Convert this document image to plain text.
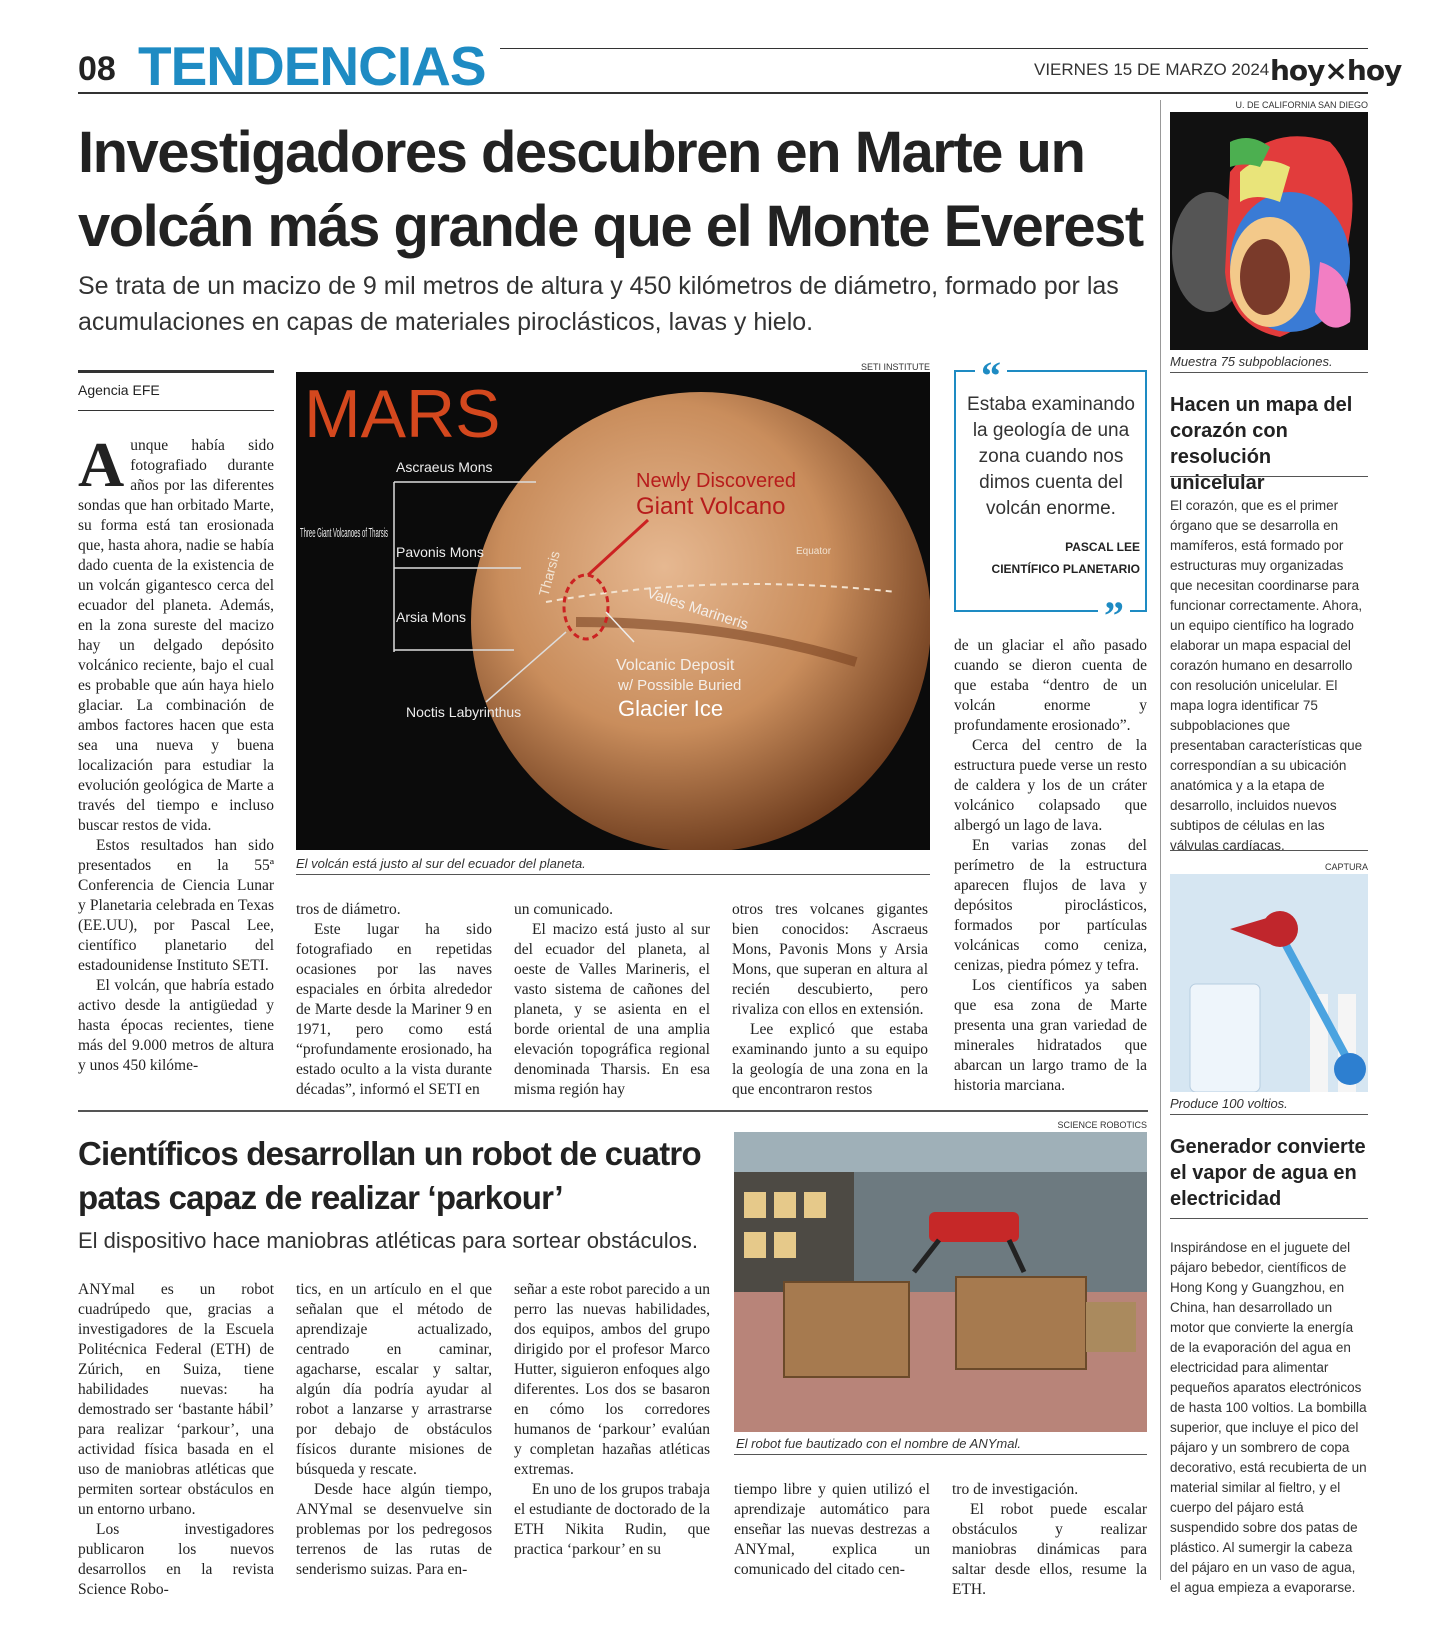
08 TENDENCIAS	VIERNES 15 DE MARZO 2024 hoy×hoy
Investigadores descubren en Marte un volcán más grande que el Monte Everest

Se trata de un macizo de 9 mil metros de altura y 450 kilómetros de diámetro, formado por las acumulaciones en capas de materiales piroclásticos, lavas y hielo.

Agencia EFE
Aunque había sido fotografiado durante años por las diferentes sondas que han orbitado Marte, su forma está tan erosionada que, hasta ahora, nadie se había dado cuenta de la existencia de un volcán gigantesco cerca del ecuador del planeta. Además, en la zona sureste del macizo hay un delgado depósito volcánico reciente, bajo el cual es probable que aún haya hielo glaciar. La combinación de ambos factores hacen que esta sea una nueva y buena localización para estudiar la evolución geológica de Marte a través del tiempo e incluso buscar restos de vida.

Estos resultados han sido presentados en la 55ª Conferencia de Ciencia Lunar y Planetaria celebrada en Texas (EE.UU), por Pascal Lee, científico planetario del estadounidense Instituto SETI.

El volcán, que habría estado activo desde la antigüedad y hasta épocas recientes, tiene más del 9.000 metros de altura y unos 450 kilóme-

SETI INSTITUTE
MARS
Ascraeus Mons
Pavonis Mons
Arsia Mons
Three Giant Volcanoes of Tharsis
Noctis Labyrinthus
Newly Discovered
Giant Volcano
Volcanic Deposit
w/ Possible Buried
Glacier Ice
Tharsis	Equator
Valles Marineris
El volcán está justo al sur del ecuador del planeta.

tros de diámetro.

Este lugar ha sido fotografiado en repetidas ocasiones por las naves espaciales en órbita alrededor de Marte desde la Mariner 9 en 1971, pero como está “profundamente erosionado, ha estado oculto a la vista durante décadas”, informó el SETI en

un comunicado.

El macizo está justo al sur del ecuador del planeta, al oeste de Valles Marineris, el vasto sistema de cañones del planeta, y se asienta en el borde oriental de una amplia elevación topográfica regional denominada Tharsis. En esa misma región hay

otros tres volcanes gigantes bien conocidos: Ascraeus Mons, Pavonis Mons y Arsia Mons, que superan en altura al recién descubierto, pero rivaliza con ellos en extensión.

Lee explicó que estaba examinando junto a su equipo la geología de una zona en la que encontraron restos

“
”
Estaba examinando la geología de una zona cuando nos dimos cuenta del volcán enorme.
PASCAL LEE
CIENTÍFICO PLANETARIO

de un glaciar el año pasado cuando se dieron cuenta de que estaba “dentro de un volcán enorme y profundamente erosionado”.

Cerca del centro de la estructura puede verse un resto de caldera y los de un cráter volcánico colapsado que albergó un lago de lava.

En varias zonas del perímetro de la estructura aparecen flujos de lava y depósitos piroclásticos, formados por partículas volcánicas como ceniza, cenizas, piedra pómez y tefra.

Los científicos ya saben que esa zona de Marte presenta una gran variedad de minerales hidratados que abarcan un largo tramo de la historia marciana.

Científicos desarrollan un robot de cuatro patas capaz de realizar ‘parkour’

El dispositivo hace maniobras atléticas para sortear obstáculos.

SCIENCE ROBOTICS
El robot fue bautizado con el nombre de ANYmal.

ANYmal es un robot cuadrúpedo que, gracias a investigadores de la Escuela Politécnica Federal (ETH) de Zúrich, en Suiza, tiene habilidades nuevas: ha demostrado ser ‘bastante hábil’ para realizar ‘parkour’, una actividad física basada en el uso de maniobras atléticas que permiten sortear obstáculos en un entorno urbano.

Los investigadores publicaron los nuevos desarrollos en la revista Science Robo-

tics, en un artículo en el que señalan que el método de aprendizaje actualizado, centrado en caminar, agacharse, escalar y saltar, algún día podría ayudar al robot a lanzarse y arrastrarse por debajo de obstáculos físicos durante misiones de búsqueda y rescate.

Desde hace algún tiempo, ANYmal se desenvuelve sin problemas por los pedregosos terrenos de las rutas de senderismo suizas. Para en-

señar a este robot parecido a un perro las nuevas habilidades, dos equipos, ambos del grupo dirigido por el profesor Marco Hutter, siguieron enfoques algo diferentes. Los dos se basaron en cómo los corredores humanos de ‘parkour’ evalúan y completan hazañas atléticas extremas.

En uno de los grupos trabaja el estudiante de doctorado de la ETH Nikita Rudin, que practica ‘parkour’ en su

tiempo libre y quien utilizó el aprendizaje automático para enseñar las nuevas destrezas a ANYmal, explica un comunicado del citado cen-

tro de investigación.

El robot puede escalar obstáculos y realizar maniobras dinámicas para saltar desde ellos, resume la ETH.

U. DE CALIFORNIA SAN DIEGO
Muestra 75 subpoblaciones.
Hacen un mapa del corazón con resolución unicelular
El corazón, que es el primer órgano que se desarrolla en mamíferos, está formado por estructuras muy organizadas que necesitan coordinarse para funcionar correctamente. Ahora, un equipo científico ha logrado elaborar un mapa espacial del corazón humano en desarrollo con resolución unicelular. El mapa logra identificar 75 subpoblaciones que presentaban características que correspondían a su ubicación anatómica y a la etapa de desarrollo, incluidos nuevos subtipos de células en las válvulas cardíacas.
CAPTURA
Produce 100 voltios.
Generador convierte el vapor de agua en electricidad
Inspirándose en el juguete del pájaro bebedor, científicos de Hong Kong y Guangzhou, en China, han desarrollado un motor que convierte la energía de la evaporación del agua en electricidad para alimentar pequeños aparatos electrónicos de hasta 100 voltios. La bombilla superior, que incluye el pico del pájaro y un sombrero de copa decorativo, está recubierta de un material similar al fieltro, y el cuerpo del pájaro está suspendido sobre dos patas de plástico. Al sumergir la cabeza del pájaro en un vaso de agua, el agua empieza a evaporarse.
